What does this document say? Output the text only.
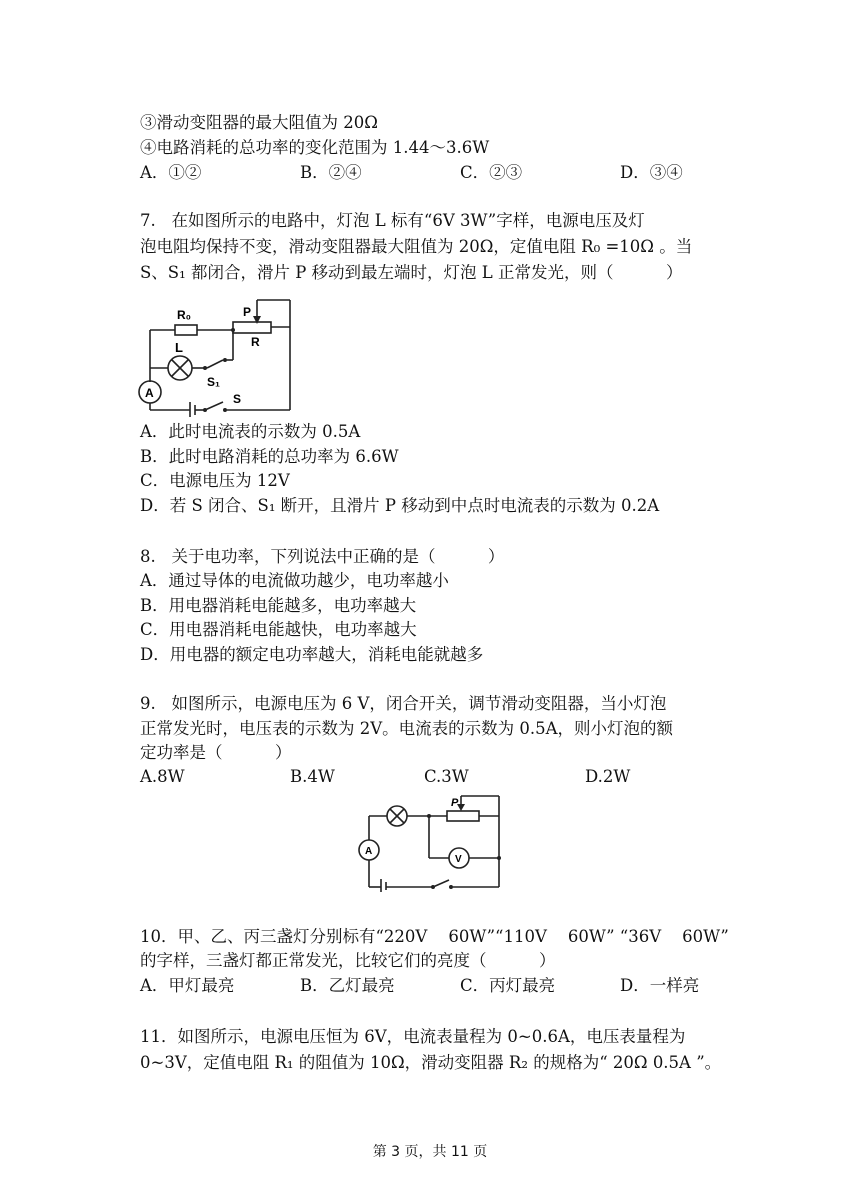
③滑动变阻器的最大阻值为 20Ω
④电路消耗的总功率的变化范围为 1.44～3.6W
A．①②	B．②④	C．②③	D．③④
7.   在如图所示的电路中，灯泡 L 标有“6V 3W”字样，电源电压及灯
泡电阻均保持不变，滑动变阻器最大阻值为 20Ω，定值电阻 R₀ =10Ω 。当
S、S₁ 都闭合，滑片 P 移动到最左端时，灯泡 L 正常发光，则（          ）
R₀	P
R
L
S₁
A	S
A．此时电流表的示数为 0.5A
B．此时电路消耗的总功率为 6.6W
C．电源电压为 12V
D．若 S 闭合、S₁ 断开，且滑片 P 移动到中点时电流表的示数为 0.2A
8.   关于电功率，下列说法中正确的是（          ）
A．通过导体的电流做功越少，电功率越小
B．用电器消耗电能越多，电功率越大
C．用电器消耗电能越快，电功率越大
D．用电器的额定电功率越大，消耗电能就越多
9.   如图所示，电源电压为 6 V，闭合开关，调节滑动变阻器，当小灯泡
正常发光时，电压表的示数为 2V。电流表的示数为 0.5A，则小灯泡的额
定功率是（          ）
A.8W	B.4W	C.3W	D.2W
P
A
V
10．甲、乙、丙三盏灯分别标有“220V    60W”“110V    60W” “36V    60W”
的字样，三盏灯都正常发光，比较它们的亮度（          ）
A．甲灯最亮	B．乙灯最亮	C．丙灯最亮	D．一样亮
11．如图所示，电源电压恒为 6V，电流表量程为 0~0.6A，电压表量程为
0~3V，定值电阻 R₁ 的阻值为 10Ω，滑动变阻器 R₂ 的规格为“ 20Ω 0.5A ”。
第 3 页，共 11 页
